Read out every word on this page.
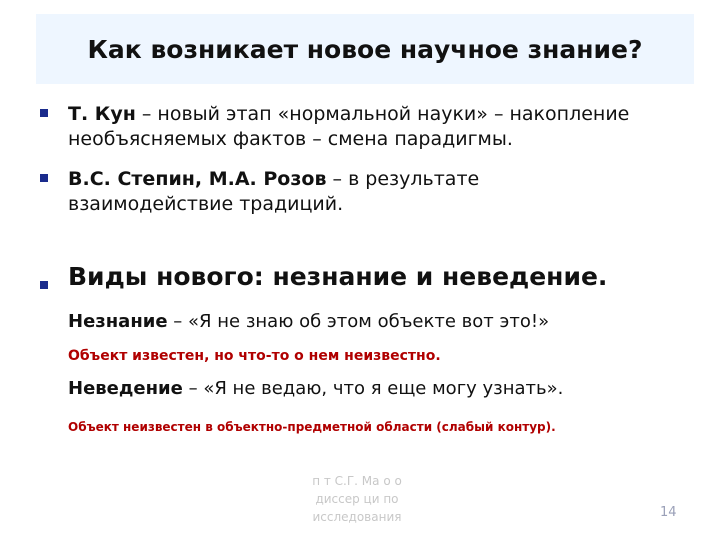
Как возникает новое научное знание?
Т. Кун – новый этап «нормальной науки» – накопление необъясняемых фактов – смена парадигмы.
В.С. Степин, М.А. Розов – в результате взаимодействие традиций.
Виды нового: незнание и неведение.
Незнание – «Я не знаю об этом объекте вот это!»
Объект известен, но что-то о нем неизвестно.
Неведение – «Я не ведаю, что я еще могу узнать».
Объект неизвестен в объектно-предметной области (слабый контур).
п т С.Г. Ма о о
диссер ци по
исследования	14
